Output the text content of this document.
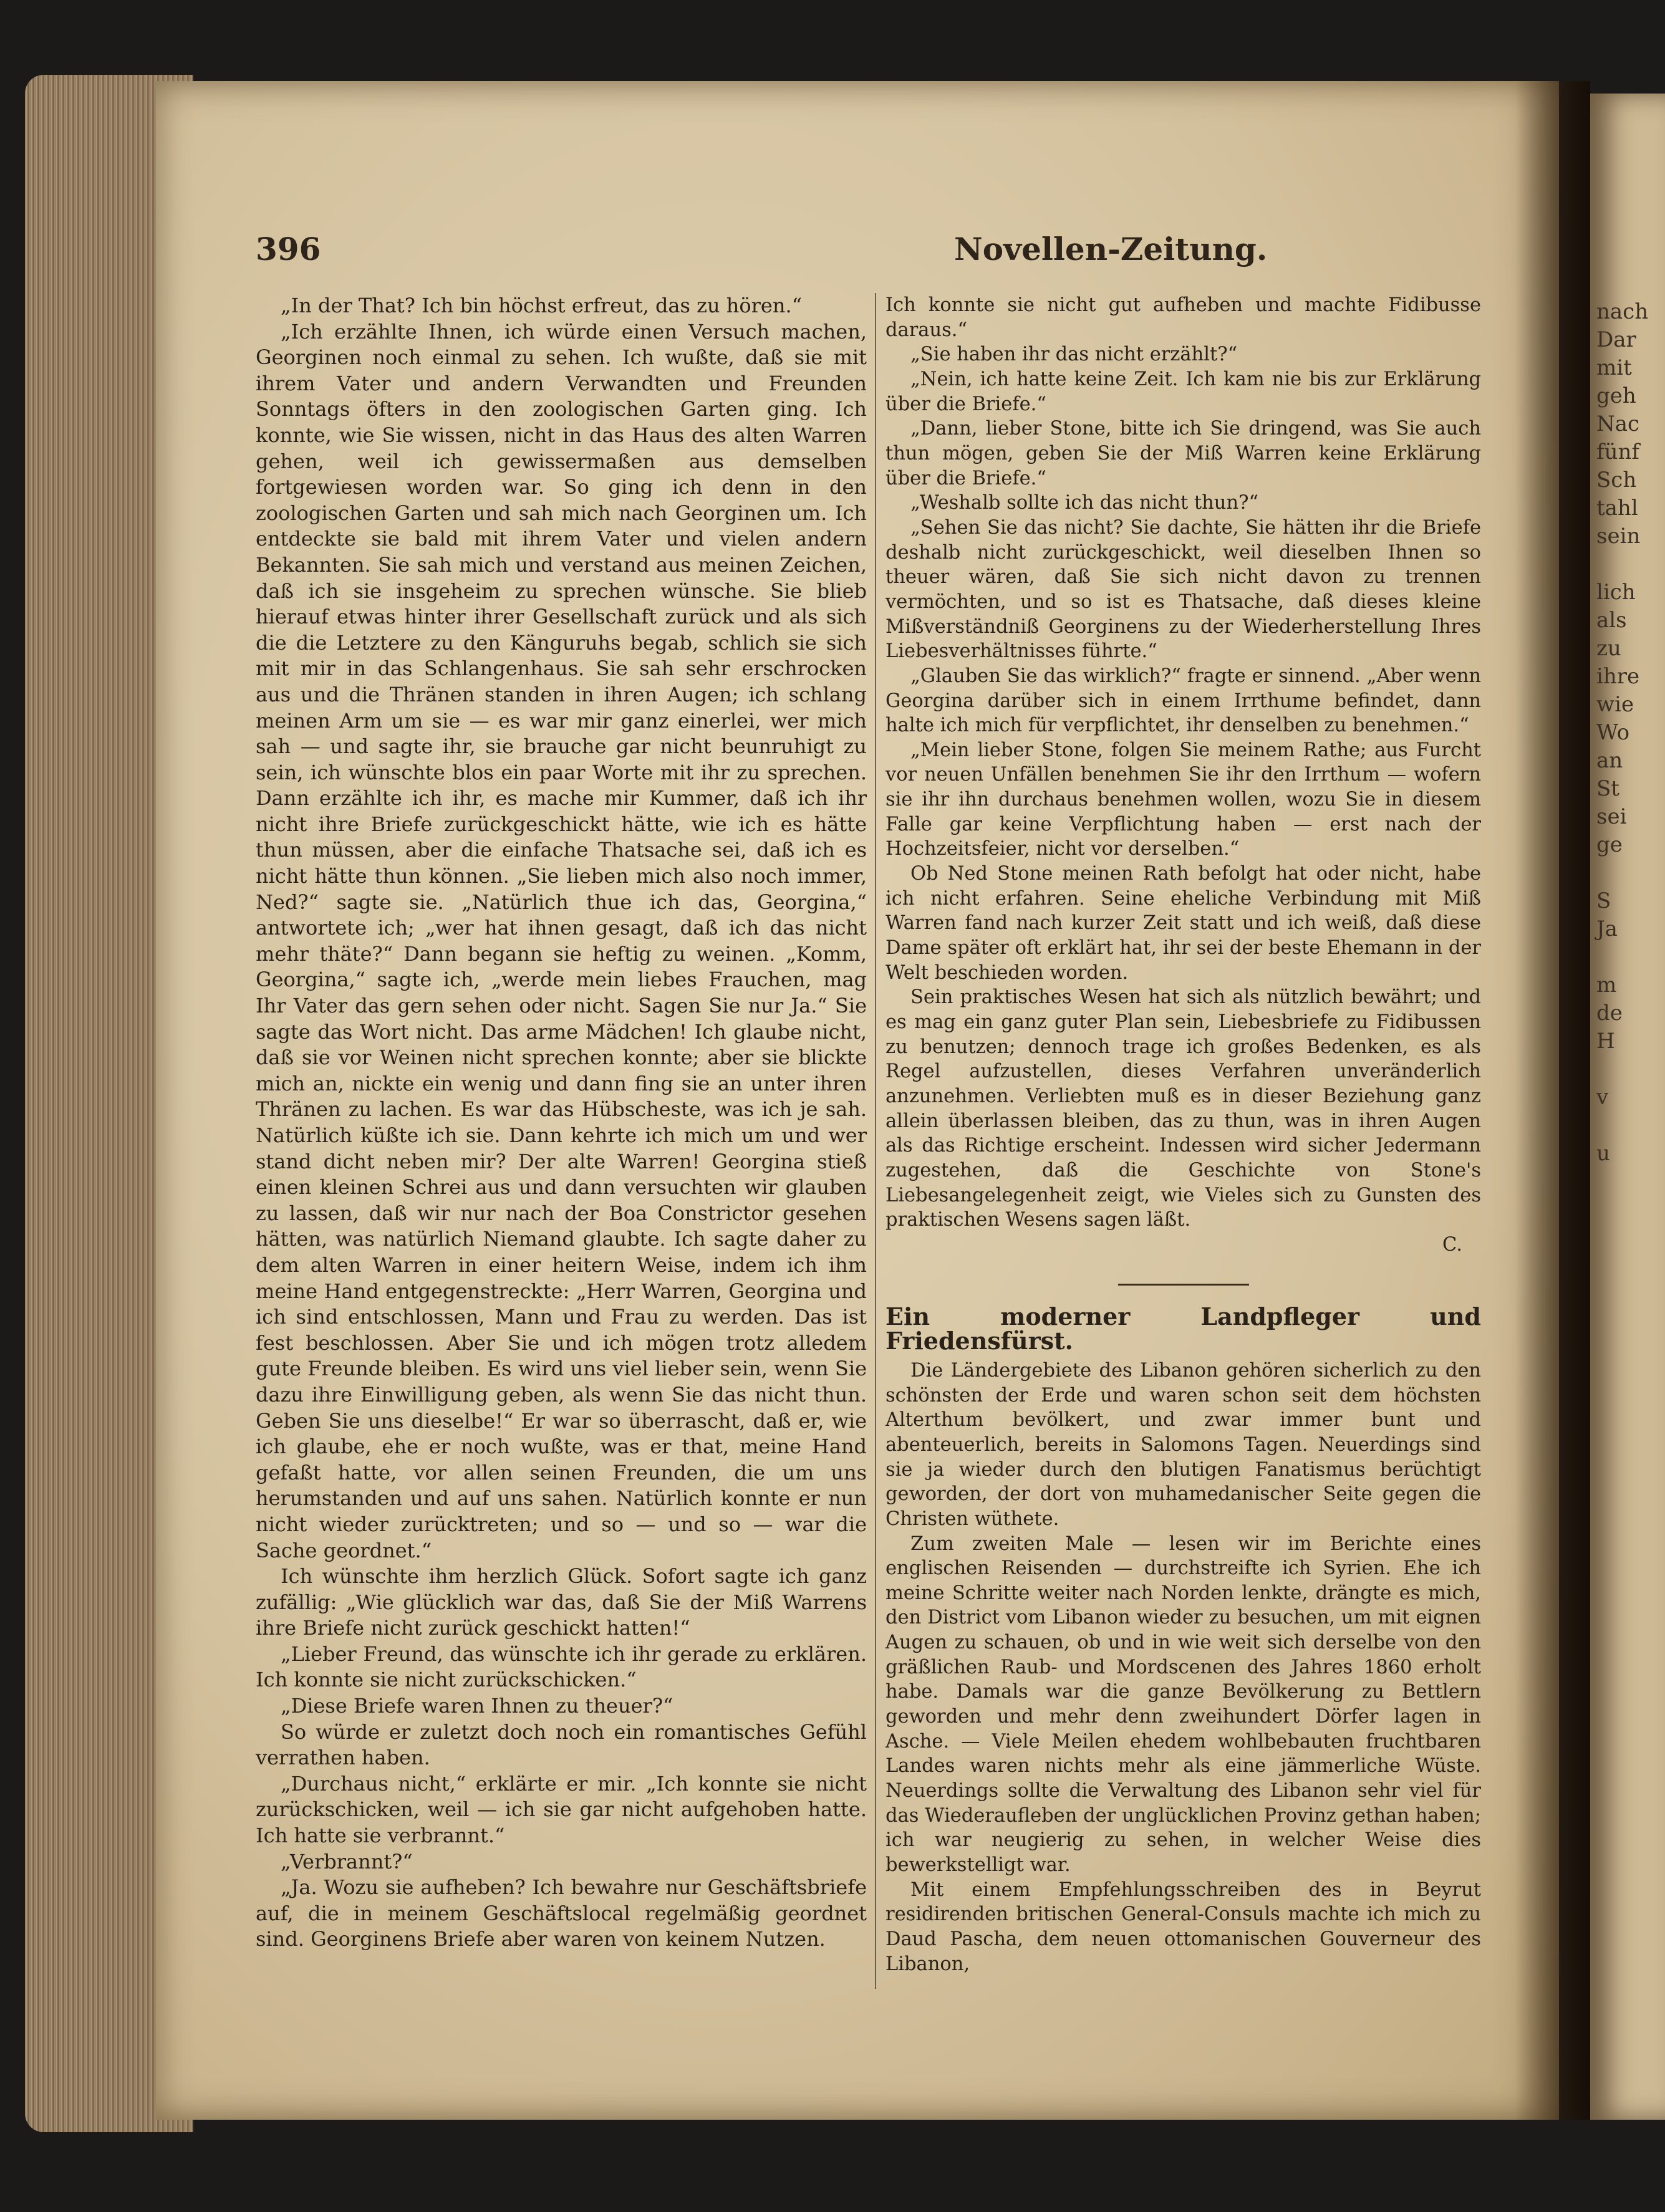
nach
Dar
mit
geh
Nac
fünf
Sch
tahl
sein
lich
als
zu
ihre
wie
Wo
an
St
sei
ge
S
Ja
m
de
H
v
u
396	Novellen-Zeitung.

„In der That? Ich bin höchst erfreut, das zu hören.“

„Ich erzählte Ihnen, ich würde einen Versuch machen, Georginen noch einmal zu sehen. Ich wußte, daß sie mit ihrem Vater und andern Verwandten und Freunden Sonntags öfters in den zoologischen Garten ging. Ich konnte, wie Sie wissen, nicht in das Haus des alten Warren gehen, weil ich gewissermaßen aus demselben fortgewiesen worden war. So ging ich denn in den zoologischen Garten und sah mich nach Georginen um. Ich entdeckte sie bald mit ihrem Vater und vielen andern Bekannten. Sie sah mich und verstand aus meinen Zeichen, daß ich sie insgeheim zu sprechen wünsche. Sie blieb hierauf etwas hinter ihrer Gesellschaft zurück und als sich die die Letztere zu den Känguruhs begab, schlich sie sich mit mir in das Schlangenhaus. Sie sah sehr erschrocken aus und die Thränen standen in ihren Augen; ich schlang meinen Arm um sie — es war mir ganz einerlei, wer mich sah — und sagte ihr, sie brauche gar nicht beunruhigt zu sein, ich wünschte blos ein paar Worte mit ihr zu sprechen. Dann erzählte ich ihr, es mache mir Kummer, daß ich ihr nicht ihre Briefe zurückgeschickt hätte, wie ich es hätte thun müssen, aber die einfache Thatsache sei, daß ich es nicht hätte thun können. „Sie lieben mich also noch immer, Ned?“ sagte sie. „Natürlich thue ich das, Georgina,“ antwortete ich; „wer hat ihnen gesagt, daß ich das nicht mehr thäte?“ Dann begann sie heftig zu weinen. „Komm, Georgina,“ sagte ich, „werde mein liebes Frauchen, mag Ihr Vater das gern sehen oder nicht. Sagen Sie nur Ja.“ Sie sagte das Wort nicht. Das arme Mädchen! Ich glaube nicht, daß sie vor Weinen nicht sprechen konnte; aber sie blickte mich an, nickte ein wenig und dann fing sie an unter ihren Thränen zu lachen. Es war das Hübscheste, was ich je sah. Natürlich küßte ich sie. Dann kehrte ich mich um und wer stand dicht neben mir? Der alte Warren! Georgina stieß einen kleinen Schrei aus und dann versuchten wir glauben zu lassen, daß wir nur nach der Boa Constrictor gesehen hätten, was natürlich Niemand glaubte. Ich sagte daher zu dem alten Warren in einer heitern Weise, indem ich ihm meine Hand entgegenstreckte: „Herr Warren, Georgina und ich sind entschlossen, Mann und Frau zu werden. Das ist fest beschlossen. Aber Sie und ich mögen trotz alledem gute Freunde bleiben. Es wird uns viel lieber sein, wenn Sie dazu ihre Einwilligung geben, als wenn Sie das nicht thun. Geben Sie uns dieselbe!“ Er war so überrascht, daß er, wie ich glaube, ehe er noch wußte, was er that, meine Hand gefaßt hatte, vor allen seinen Freunden, die um uns herumstanden und auf uns sahen. Natürlich konnte er nun nicht wieder zurücktreten; und so — und so — war die Sache geordnet.“

Ich wünschte ihm herzlich Glück. Sofort sagte ich ganz zufällig: „Wie glücklich war das, daß Sie der Miß Warrens ihre Briefe nicht zurück geschickt hatten!“

„Lieber Freund, das wünschte ich ihr gerade zu erklären. Ich konnte sie nicht zurückschicken.“

„Diese Briefe waren Ihnen zu theuer?“

So würde er zuletzt doch noch ein romantisches Gefühl verrathen haben.

„Durchaus nicht,“ erklärte er mir. „Ich konnte sie nicht zurückschicken, weil — ich sie gar nicht aufgehoben hatte. Ich hatte sie verbrannt.“

„Verbrannt?“

„Ja. Wozu sie aufheben? Ich bewahre nur Geschäftsbriefe auf, die in meinem Geschäftslocal regelmäßig geordnet sind. Georginens Briefe aber waren von keinem Nutzen.

Ich konnte sie nicht gut aufheben und machte Fidibusse daraus.“

„Sie haben ihr das nicht erzählt?“

„Nein, ich hatte keine Zeit. Ich kam nie bis zur Erklärung über die Briefe.“

„Dann, lieber Stone, bitte ich Sie dringend, was Sie auch thun mögen, geben Sie der Miß Warren keine Erklärung über die Briefe.“

„Weshalb sollte ich das nicht thun?“

„Sehen Sie das nicht? Sie dachte, Sie hätten ihr die Briefe deshalb nicht zurückgeschickt, weil dieselben Ihnen so theuer wären, daß Sie sich nicht davon zu trennen vermöchten, und so ist es Thatsache, daß dieses kleine Mißverständniß Georginens zu der Wiederherstellung Ihres Liebesverhältnisses führte.“

„Glauben Sie das wirklich?“ fragte er sinnend. „Aber wenn Georgina darüber sich in einem Irrthume befindet, dann halte ich mich für verpflichtet, ihr denselben zu benehmen.“

„Mein lieber Stone, folgen Sie meinem Rathe; aus Furcht vor neuen Unfällen benehmen Sie ihr den Irrthum — wofern sie ihr ihn durchaus benehmen wollen, wozu Sie in diesem Falle gar keine Verpflichtung haben — erst nach der Hochzeitsfeier, nicht vor derselben.“

Ob Ned Stone meinen Rath befolgt hat oder nicht, habe ich nicht erfahren. Seine eheliche Verbindung mit Miß Warren fand nach kurzer Zeit statt und ich weiß, daß diese Dame später oft erklärt hat, ihr sei der beste Ehemann in der Welt beschieden worden.

Sein praktisches Wesen hat sich als nützlich bewährt; und es mag ein ganz guter Plan sein, Liebesbriefe zu Fidibussen zu benutzen; dennoch trage ich großes Bedenken, es als Regel aufzustellen, dieses Verfahren unveränderlich anzunehmen. Verliebten muß es in dieser Beziehung ganz allein überlassen bleiben, das zu thun, was in ihren Augen als das Richtige erscheint. Indessen wird sicher Jedermann zugestehen, daß die Geschichte von Stone's Liebesangelegenheit zeigt, wie Vieles sich zu Gunsten des praktischen Wesens sagen läßt.

C.

Ein moderner Landpfleger und Friedensfürst.

Die Ländergebiete des Libanon gehören sicherlich zu den schönsten der Erde und waren schon seit dem höchsten Alterthum bevölkert, und zwar immer bunt und abenteuerlich, bereits in Salomons Tagen. Neuerdings sind sie ja wieder durch den blutigen Fanatismus berüchtigt geworden, der dort von muhamedanischer Seite gegen die Christen wüthete.

Zum zweiten Male — lesen wir im Berichte eines englischen Reisenden — durchstreifte ich Syrien. Ehe ich meine Schritte weiter nach Norden lenkte, drängte es mich, den District vom Libanon wieder zu besuchen, um mit eignen Augen zu schauen, ob und in wie weit sich derselbe von den gräßlichen Raub- und Mordscenen des Jahres 1860 erholt habe. Damals war die ganze Bevölkerung zu Bettlern geworden und mehr denn zweihundert Dörfer lagen in Asche. — Viele Meilen ehedem wohlbebauten fruchtbaren Landes waren nichts mehr als eine jämmerliche Wüste. Neuerdings sollte die Verwaltung des Libanon sehr viel für das Wiederaufleben der unglücklichen Provinz gethan haben; ich war neugierig zu sehen, in welcher Weise dies bewerkstelligt war.

Mit einem Empfehlungsschreiben des in Beyrut residirenden britischen General-Consuls machte ich mich zu Daud Pascha, dem neuen ottomanischen Gouverneur des Libanon,
